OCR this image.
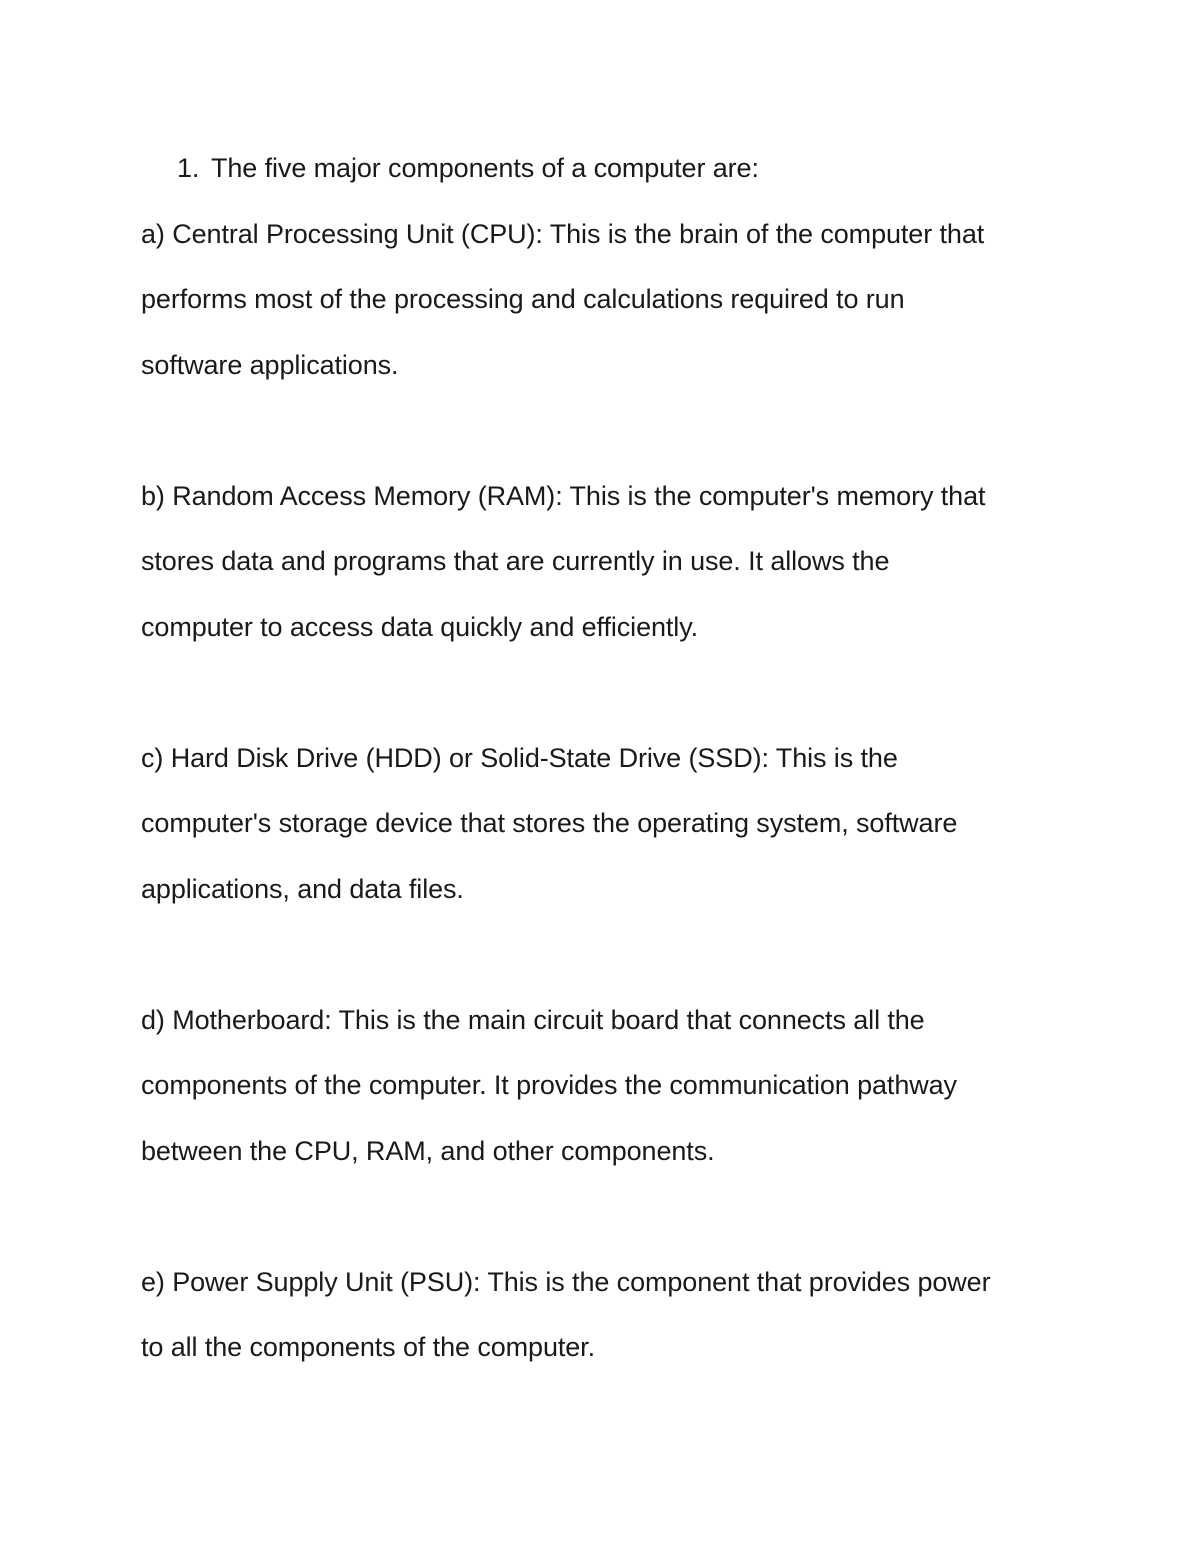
1. The five major components of a computer are:

a) Central Processing Unit (CPU): This is the brain of the computer that
performs most of the processing and calculations required to run
software applications.

b) Random Access Memory (RAM): This is the computer's memory that
stores data and programs that are currently in use. It allows the
computer to access data quickly and efficiently.

c) Hard Disk Drive (HDD) or Solid-State Drive (SSD): This is the
computer's storage device that stores the operating system, software
applications, and data files.

d) Motherboard: This is the main circuit board that connects all the
components of the computer. It provides the communication pathway
between the CPU, RAM, and other components.

e) Power Supply Unit (PSU): This is the component that provides power
to all the components of the computer.
